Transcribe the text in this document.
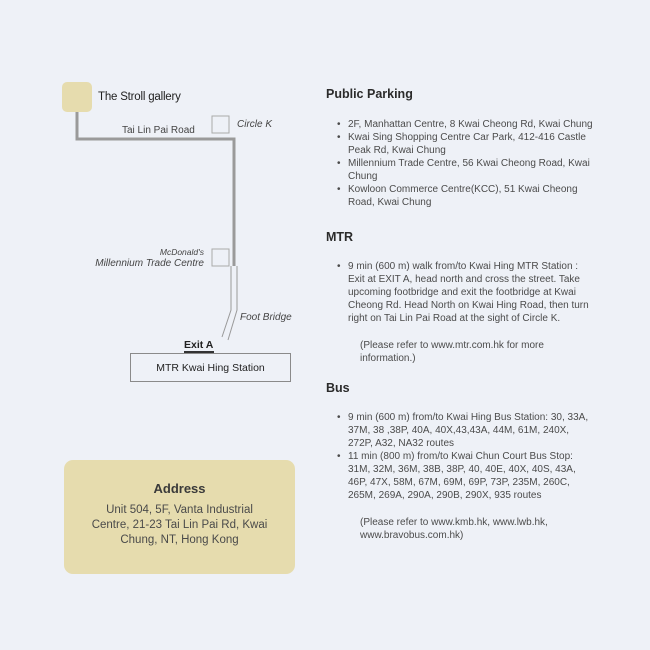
The Stroll gallery
Tai Lin Pai Road
Circle K
McDonald's
Millennium Trade Centre
Foot Bridge
Exit A
MTR Kwai Hing Station
Address
Unit 504, 5F, Vanta Industrial
Centre, 21-23 Tai Lin Pai Rd, Kwai
Chung, NT, Hong Kong
Public Parking
• 2F, Manhattan Centre, 8 Kwai Cheong Rd, Kwai Chung
• Kwai Sing Shopping Centre Car Park, 412-416 Castle Peak Rd, Kwai Chung
• Millennium Trade Centre, 56 Kwai Cheong Road, Kwai Chung
• Kowloon Commerce Centre(KCC), 51 Kwai Cheong Road, Kwai Chung
MTR
• 9 min (600 m) walk from/to Kwai Hing MTR Station : Exit at EXIT A, head north and cross the street. Take upcoming footbridge and exit the footbridge at Kwai Cheong Rd. Head North on Kwai Hing Road, then turn right on Tai Lin Pai Road at the sight of Circle K.
(Please refer to www.mtr.com.hk for more information.)
Bus
• 9 min (600 m) from/to Kwai Hing Bus Station: 30, 33A, 37M, 38 ,38P, 40A, 40X,43,43A, 44M, 61M, 240X, 272P, A32, NA32 routes
• 11 min (800 m) from/to Kwai Chun Court Bus Stop: 31M, 32M, 36M, 38B, 38P, 40, 40E, 40X, 40S, 43A, 46P, 47X, 58M, 67M, 69M, 69P, 73P, 235M, 260C, 265M, 269A, 290A, 290B, 290X, 935 routes
(Please refer to www.kmb.hk, www.lwb.hk, www.bravobus.com.hk)
